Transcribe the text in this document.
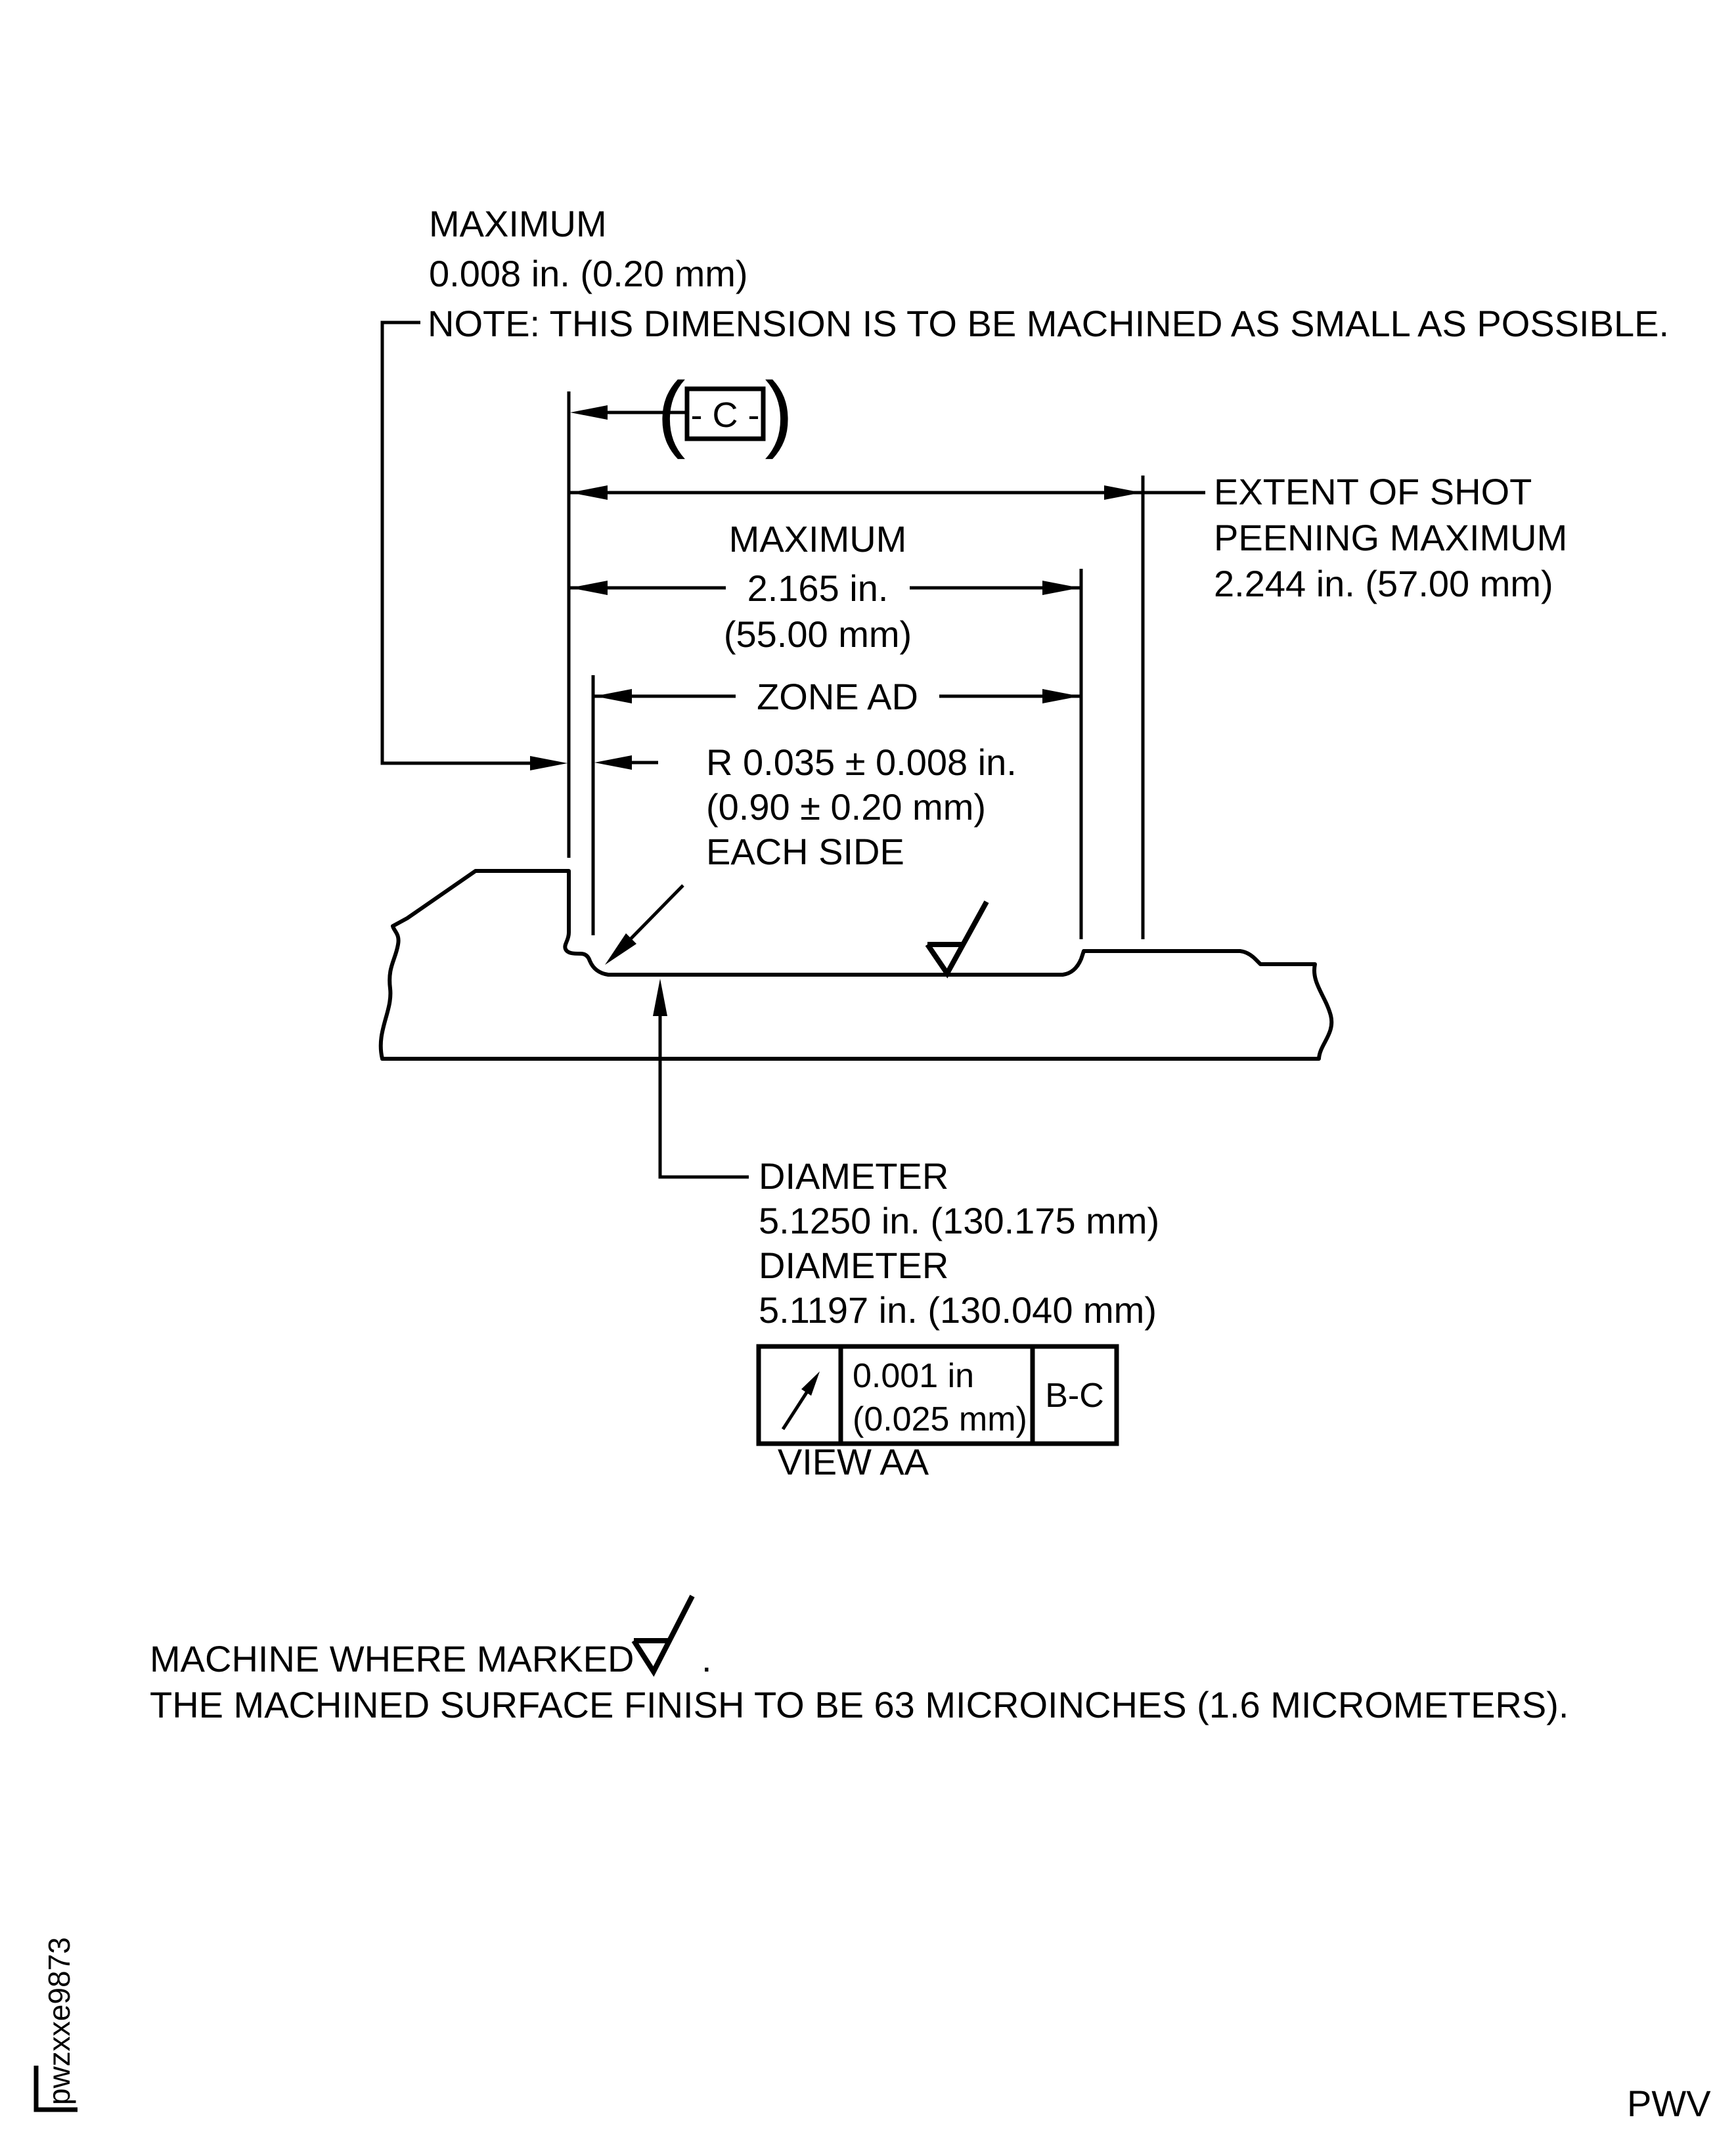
MAXIMUM
0.008 in. (0.20 mm)
NOTE: THIS DIMENSION IS TO BE MACHINED AS SMALL AS POSSIBLE.
( - C - )
EXTENT OF SHOT
PEENING MAXIMUM
2.244 in. (57.00 mm)
MAXIMUM
2.165 in.
(55.00 mm)
ZONE AD
R 0.035 ± 0.008 in.
(0.90 ± 0.20 mm)
EACH SIDE
DIAMETER
5.1250 in. (130.175 mm)
DIAMETER
5.1197 in. (130.040 mm)
0.001 in
(0.025 mm)
B-C
VIEW AA
MACHINE WHERE MARKED .
THE MACHINED SURFACE FINISH TO BE 63 MICROINCHES (1.6 MICROMETERS).
pwzxxe9873	PWV
